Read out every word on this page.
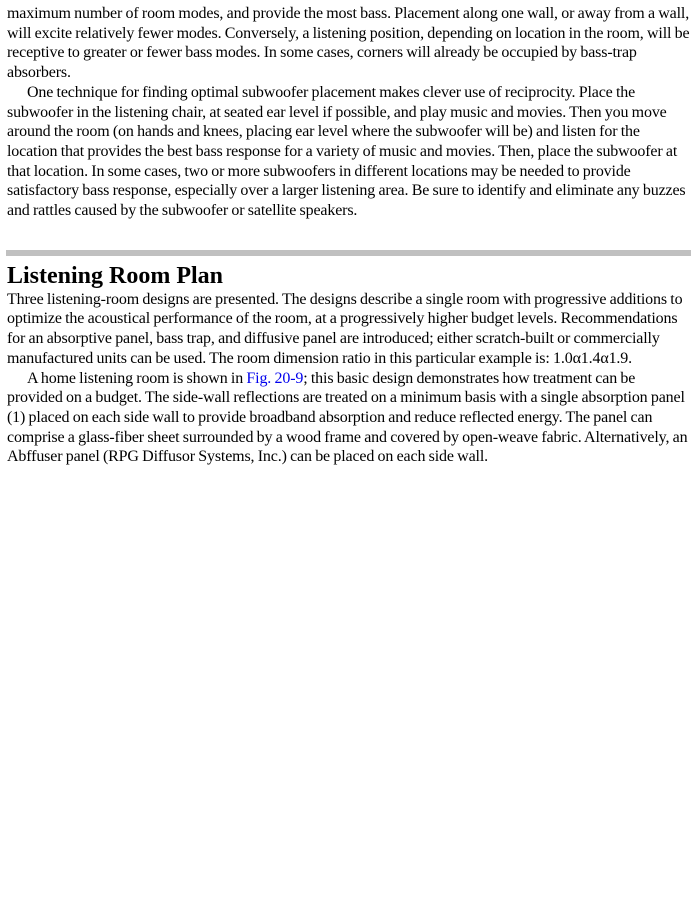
maximum number of room modes, and provide the most bass. Placement along one wall, or away from a wall, will excite relatively fewer modes. Conversely, a listening position, depending on location in the room, will be receptive to greater or fewer bass modes. In some cases, corners will already be occupied by bass-trap absorbers.

One technique for finding optimal subwoofer placement makes clever use of reciprocity. Place the subwoofer in the listening chair, at seated ear level if possible, and play music and movies. Then you move around the room (on hands and knees, placing ear level where the subwoofer will be) and listen for the location that provides the best bass response for a variety of music and movies. Then, place the subwoofer at that location. In some cases, two or more subwoofers in different locations may be needed to provide satisfactory bass response, especially over a larger listening area. Be sure to identify and eliminate any buzzes and rattles caused by the subwoofer or satellite speakers.

Listening Room Plan

Three listening-room designs are presented. The designs describe a single room with progressive additions to optimize the acoustical performance of the room, at a progressively higher budget levels. Recommendations for an absorptive panel, bass trap, and diffusive panel are introduced; either scratch-built or commercially manufactured units can be used. The room dimension ratio in this particular example is: 1.0α1.4α1.9.

A home listening room is shown in Fig. 20-9; this basic design demonstrates how treatment can be provided on a budget. The side-wall reflections are treated on a minimum basis with a single absorption panel (1) placed on each side wall to provide broadband absorption and reduce reflected energy. The panel can comprise a glass-fiber sheet surrounded by a wood frame and covered by open-weave fabric. Alternatively, an Abffuser panel (RPG Diffusor Systems, Inc.) can be placed on each side wall.
